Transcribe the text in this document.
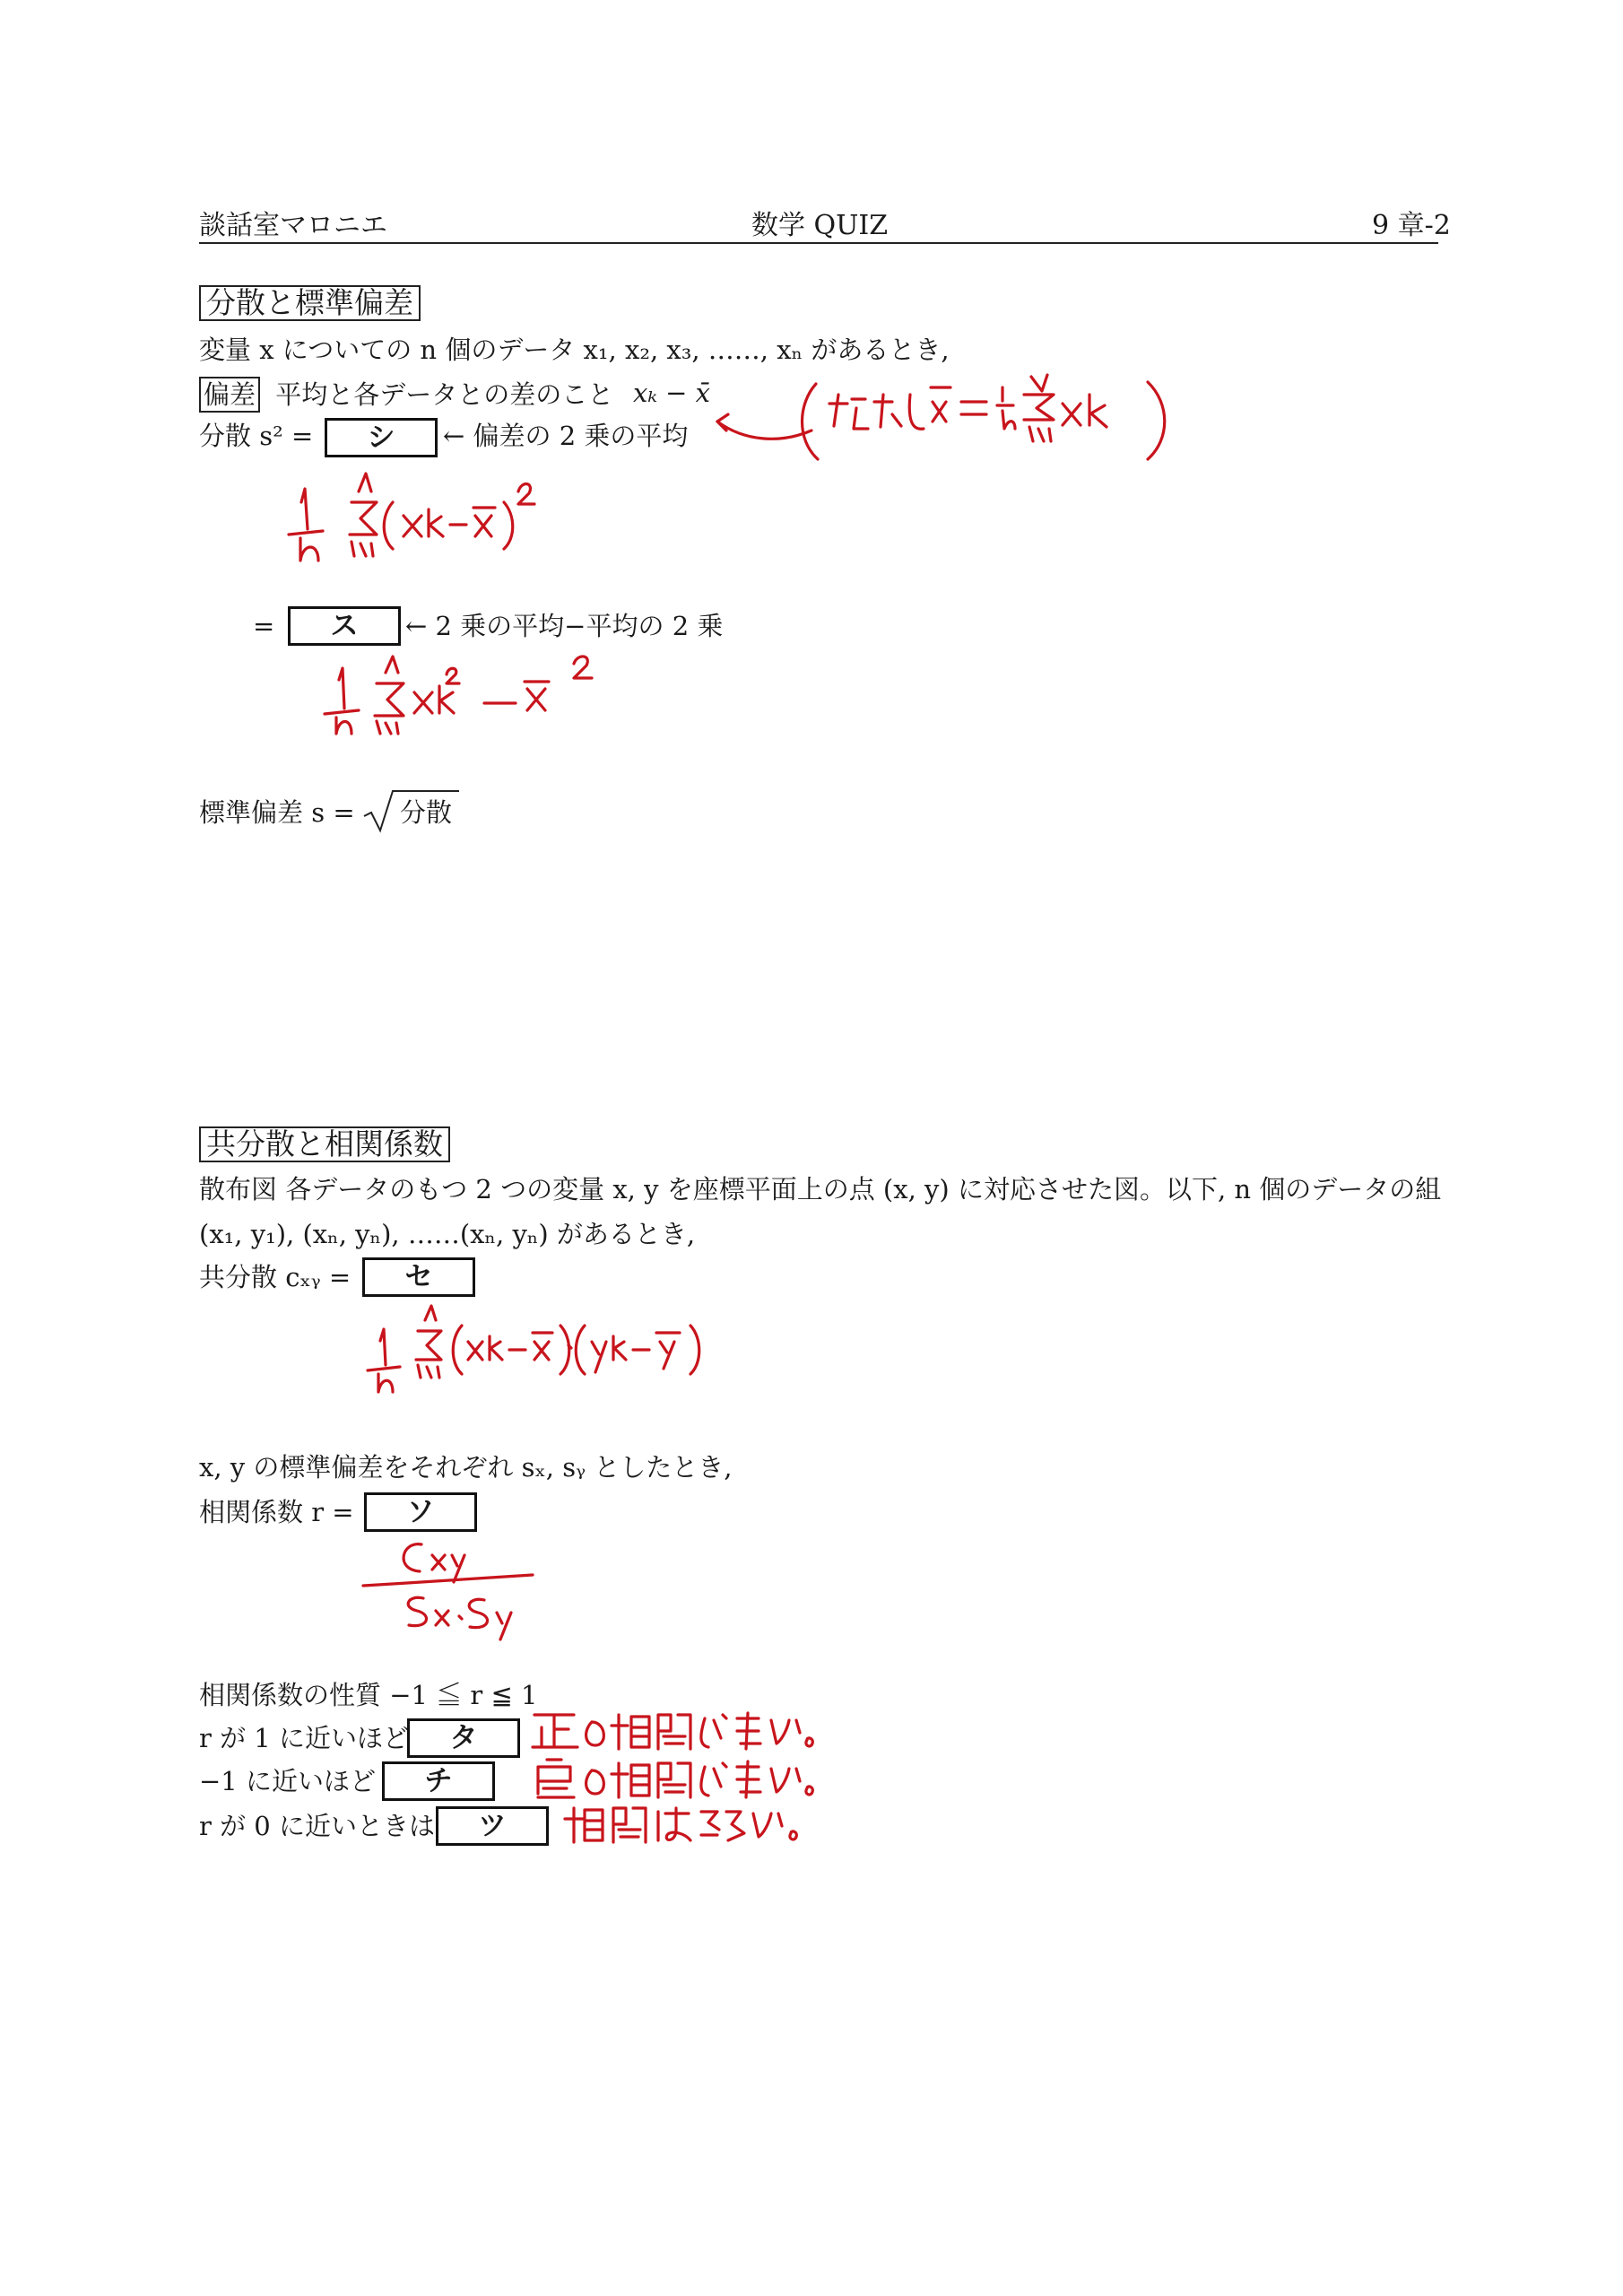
談話室マロニエ	数学 QUIZ	9 章-2
分散と標準偏差
変量 x についての n 個のデータ x₁, x₂, x₃, ……, xₙ があるとき,
偏差 平均と各データとの差のこと xₖ − x̄
分散 s² =	シ	← 偏差の 2 乗の平均
=	ス	← 2 乗の平均−平均の 2 乗
標準偏差 s = 分散
共分散と相関係数
散布図 各データのもつ 2 つの変量 x, y を座標平面上の点 (x, y) に対応させた図。以下, n 個のデータの組
(x₁, y₁), (xₙ, yₙ), ……(xₙ, yₙ) があるとき,
共分散 cₓᵧ =	セ
x, y の標準偏差をそれぞれ sₓ, sᵧ としたとき,
相関係数 r =	ソ
相関係数の性質 −1 ≦ r ≦ 1
r が 1 に近いほど	タ
−1 に近いほど	チ
r が 0 に近いときは	ツ
